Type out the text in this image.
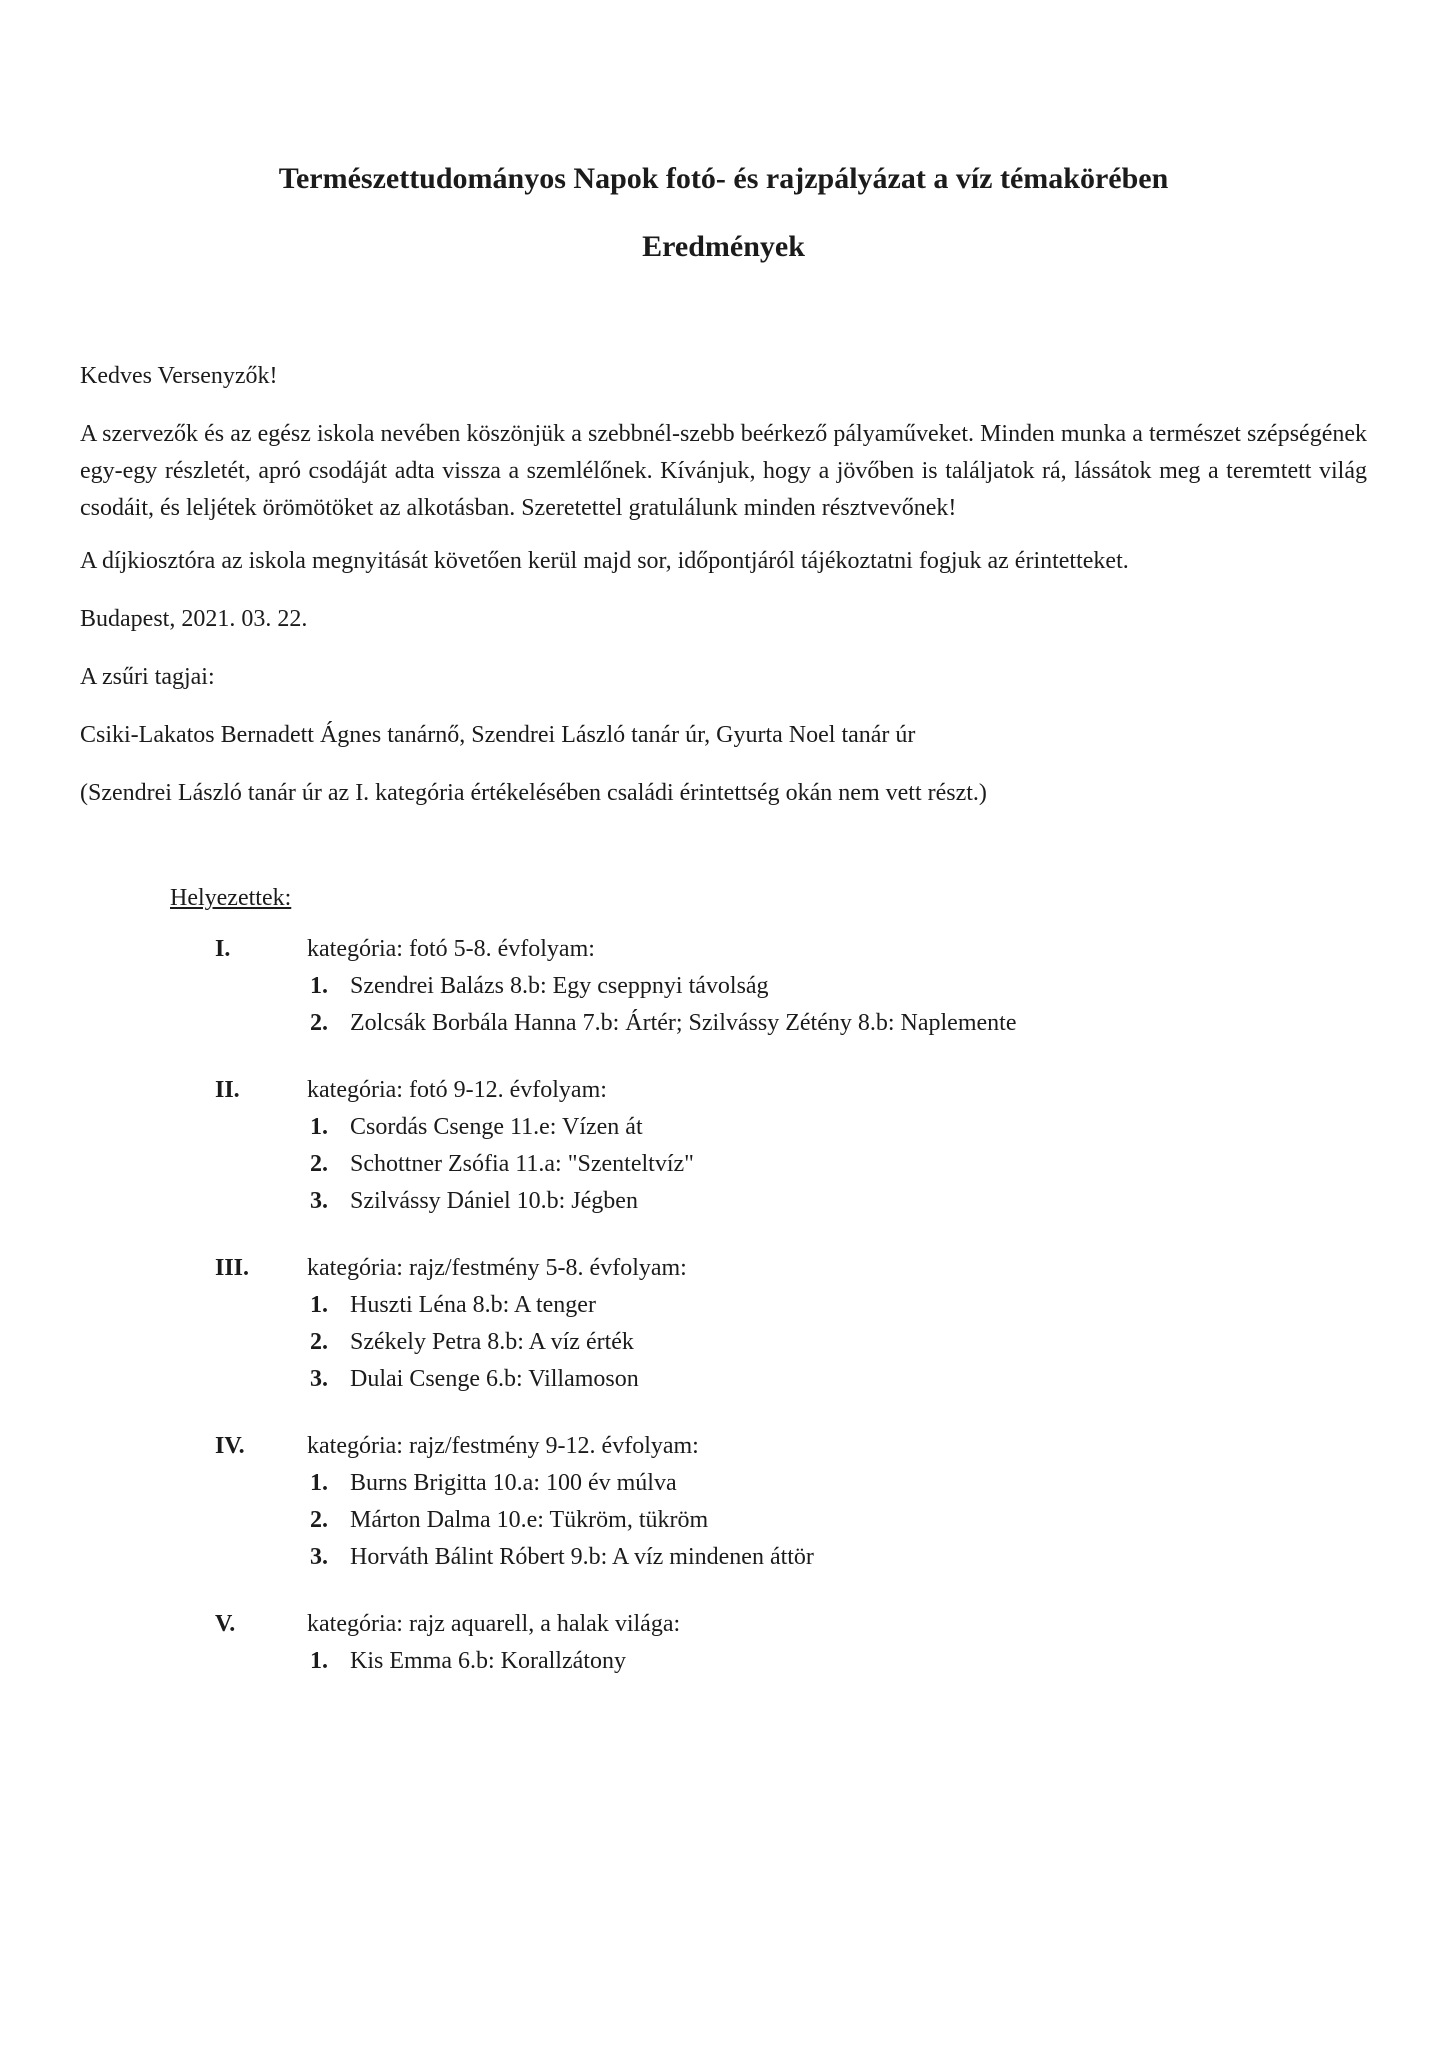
Természettudományos Napok fotó- és rajzpályázat a víz témakörében
Eredmények

Kedves Versenyzők!

A szervezők és az egész iskola nevében köszönjük a szebbnél-szebb beérkező pályaműveket. Minden munka a természet szépségének egy-egy részletét, apró csodáját adta vissza a szemlélőnek. Kívánjuk, hogy a jövőben is találjatok rá, lássátok meg a teremtett világ csodáit, és leljétek örömötöket az alkotásban. Szeretettel gratulálunk minden résztvevőnek!

A díjkiosztóra az iskola megnyitását követően kerül majd sor, időpontjáról tájékoztatni fogjuk az érintetteket.

Budapest, 2021. 03. 22.

A zsűri tagjai:

Csiki-Lakatos Bernadett Ágnes tanárnő, Szendrei László tanár úr, Gyurta Noel tanár úr

(Szendrei László tanár úr az I. kategória értékelésében családi érintettség okán nem vett részt.)

Helyezettek:

I.	kategória: fotó 5-8. évfolyam:
1. Szendrei Balázs 8.b: Egy cseppnyi távolság
2. Zolcsák Borbála Hanna 7.b: Ártér; Szilvássy Zétény 8.b: Naplemente
II.	kategória: fotó 9-12. évfolyam:
1. Csordás Csenge 11.e: Vízen át
2. Schottner Zsófia 11.a: "Szenteltvíz"
3. Szilvássy Dániel 10.b: Jégben
III.	kategória: rajz/festmény 5-8. évfolyam:
1. Huszti Léna 8.b: A tenger
2. Székely Petra 8.b: A víz érték
3. Dulai Csenge 6.b: Villamoson
IV.	kategória: rajz/festmény 9-12. évfolyam:
1. Burns Brigitta 10.a: 100 év múlva
2. Márton Dalma 10.e: Tükröm, tükröm
3. Horváth Bálint Róbert 9.b: A víz mindenen áttör
V.	kategória: rajz aquarell, a halak világa:
1. Kis Emma 6.b: Korallzátony
